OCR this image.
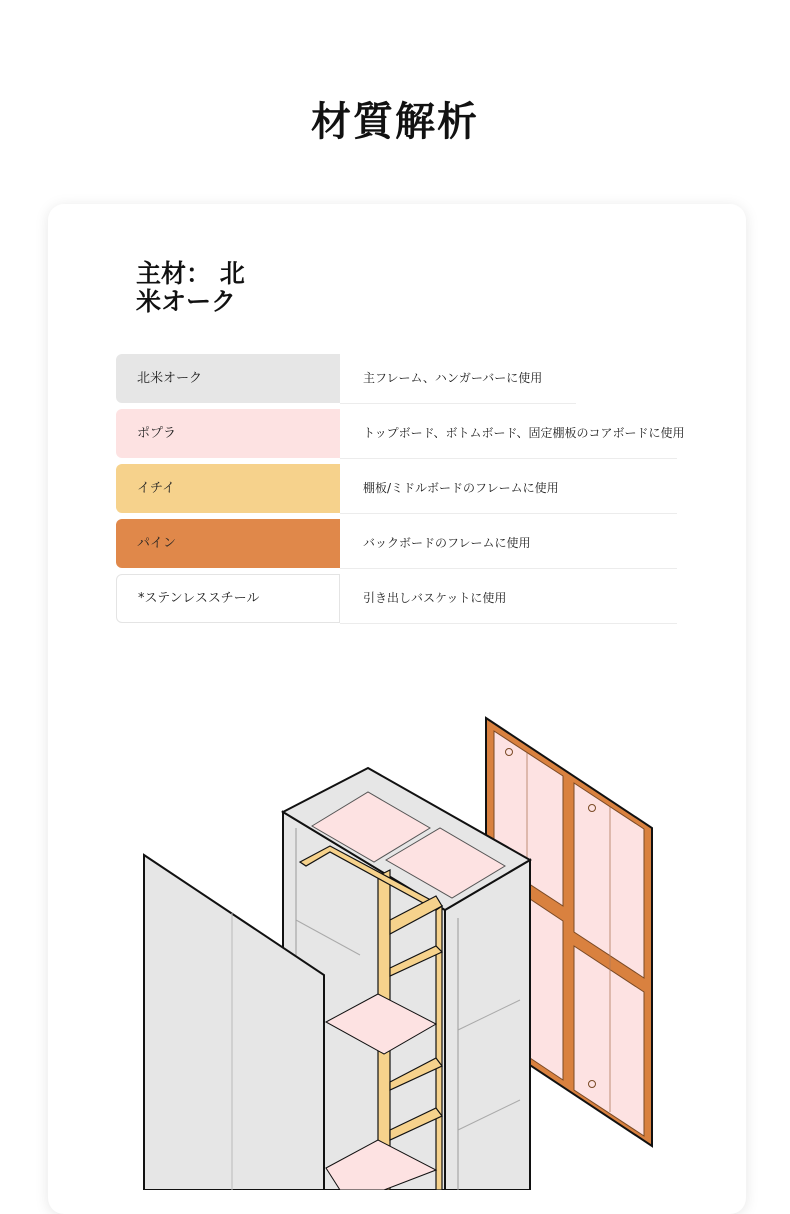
材質解析
主材： 北
米オーク
北米オーク	主フレーム、ハンガーバーに使用
ポプラ	トップボード、ボトムボード、固定棚板のコアボードに使用
イチイ	棚板/ミドルボードのフレームに使用
パイン	バックボードのフレームに使用
*ステンレススチール	引き出しバスケットに使用
